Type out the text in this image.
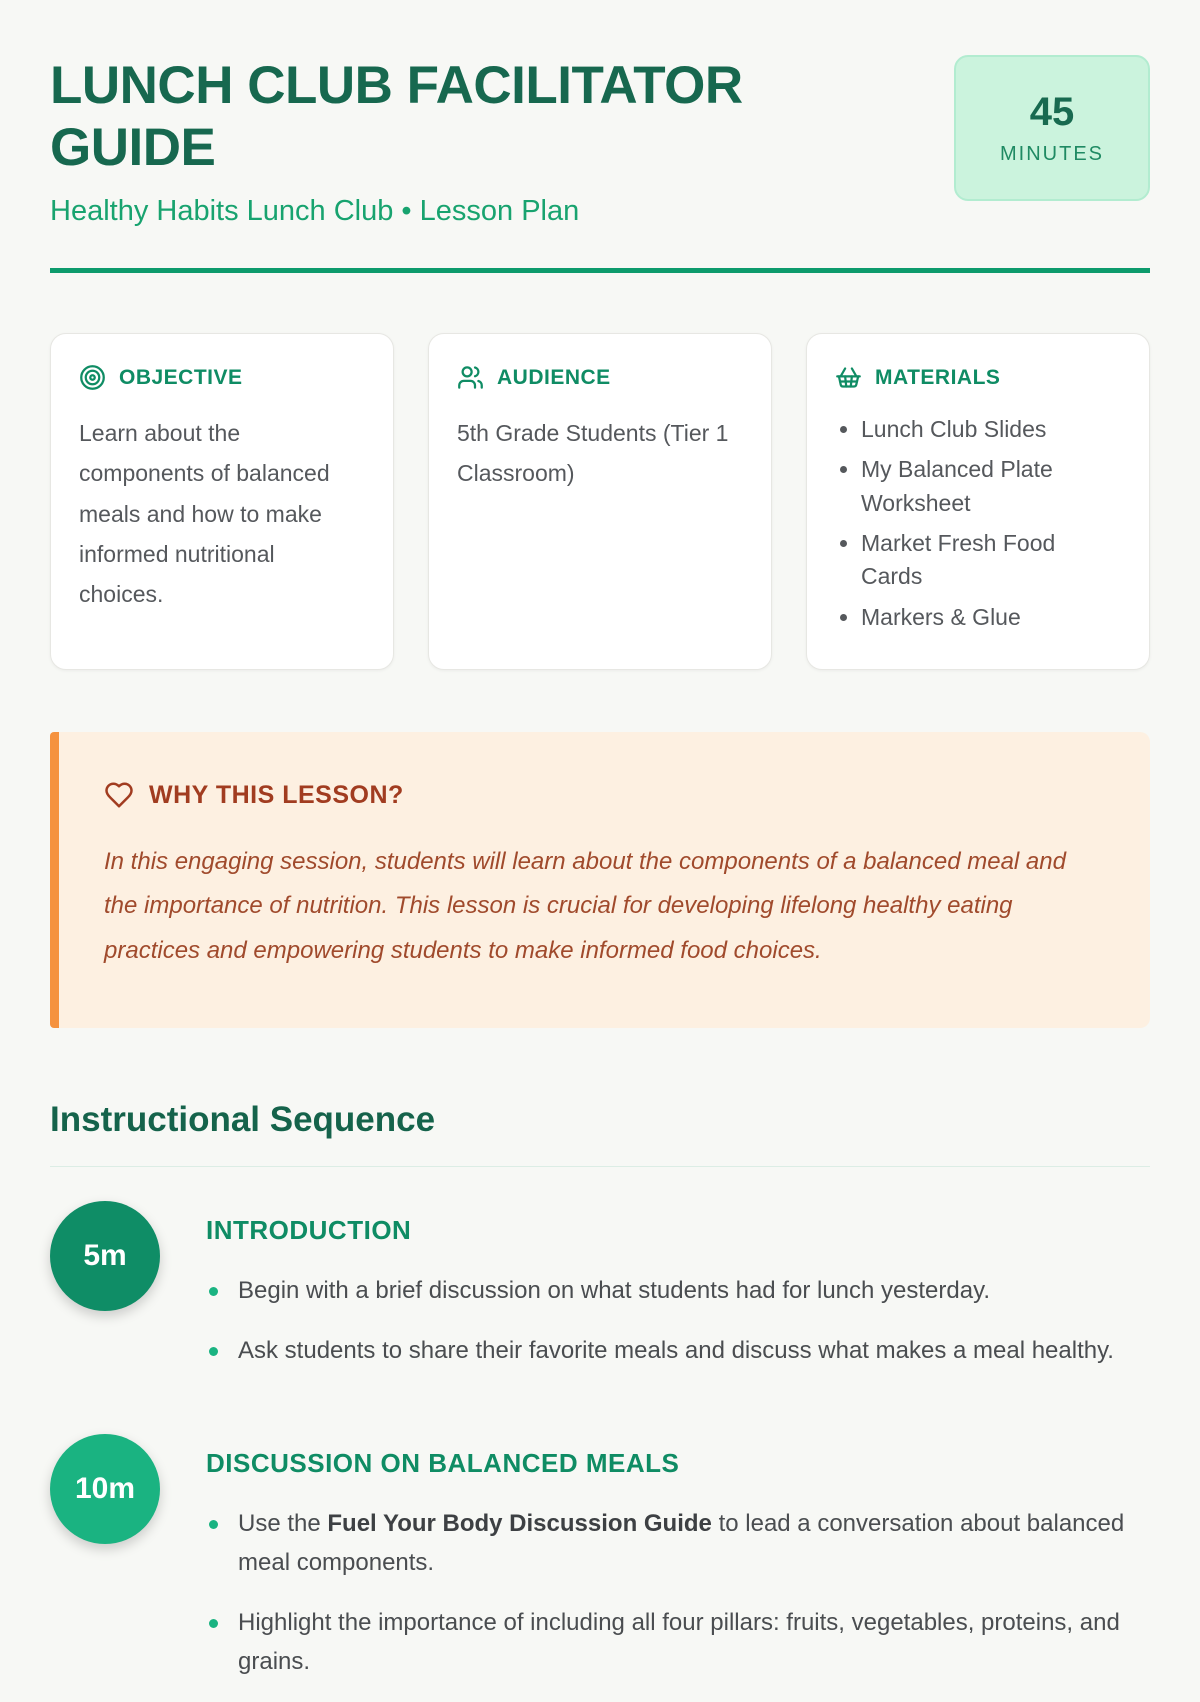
LUNCH CLUB FACILITATOR GUIDE

Healthy Habits Lunch Club • Lesson Plan

45
MINUTES
OBJECTIVE

Learn about the components of balanced meals and how to make informed nutritional choices.

AUDIENCE

5th Grade Students (Tier 1 Classroom)

MATERIALS
• Lunch Club Slides
• My Balanced Plate Worksheet
• Market Fresh Food Cards
• Markers & Glue
WHY THIS LESSON?

In this engaging session, students will learn about the components of a balanced meal and the importance of nutrition. This lesson is crucial for developing lifelong healthy eating practices and empowering students to make informed food choices.

Instructional Sequence
5m
INTRODUCTION
Begin with a brief discussion on what students had for lunch yesterday.
Ask students to share their favorite meals and discuss what makes a meal healthy.
10m
DISCUSSION ON BALANCED MEALS
Use the Fuel Your Body Discussion Guide to lead a conversation about balanced meal components.
Highlight the importance of including all four pillars: fruits, vegetables, proteins, and grains.
